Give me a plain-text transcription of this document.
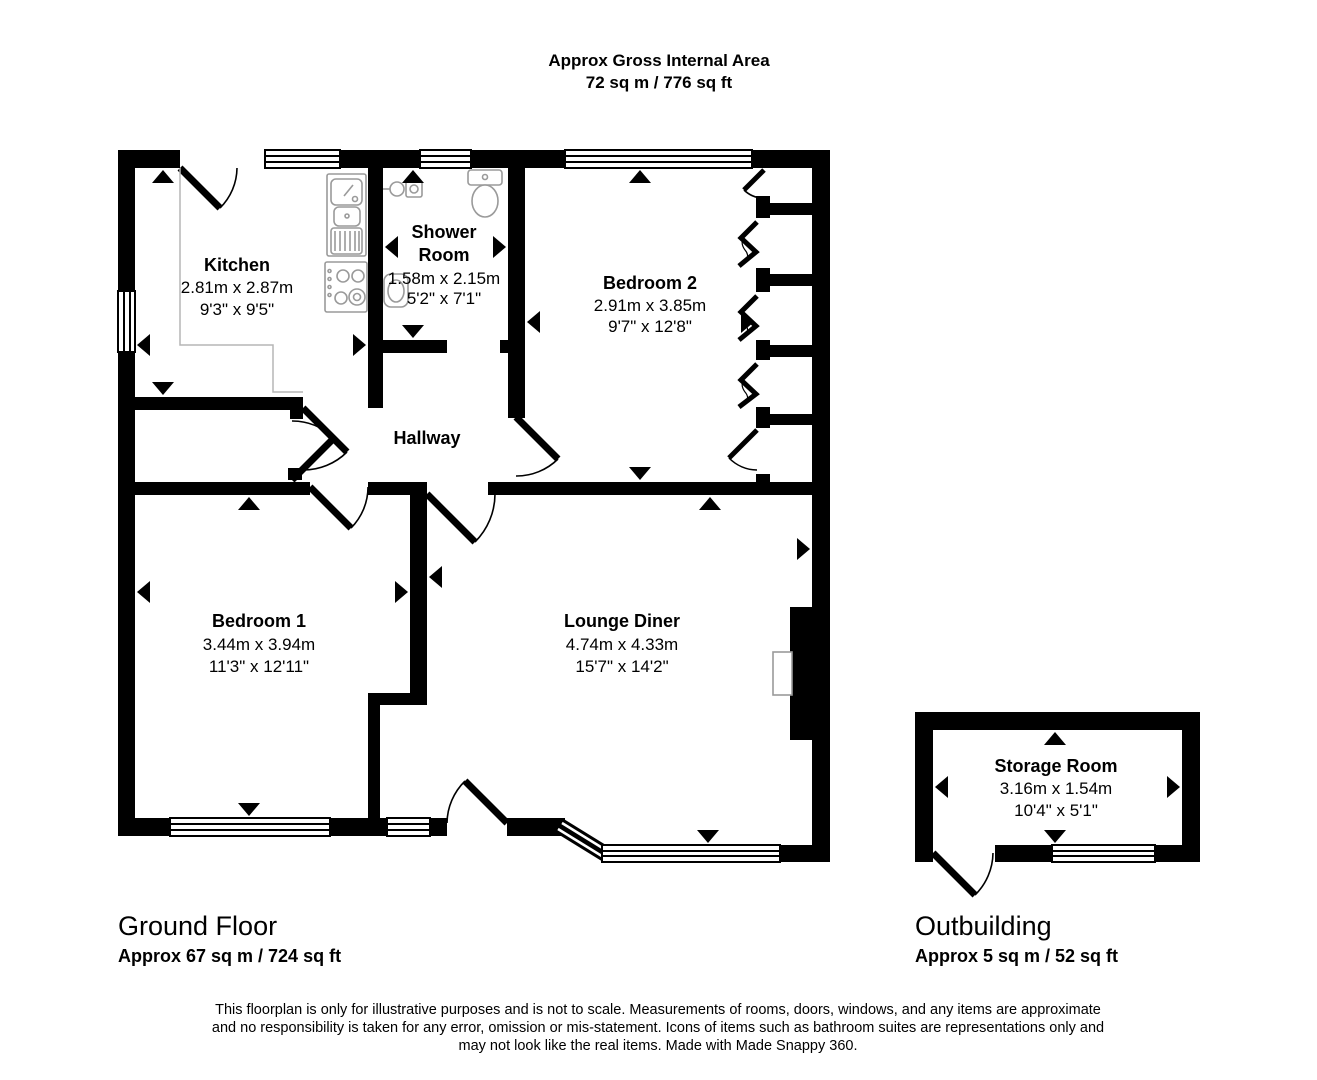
Approx Gross Internal Area
72 sq m / 776 sq ft
Kitchen
2.81m x 2.87m
9'3" x 9'5"
Shower
Room
1.58m x 2.15m
5'2" x 7'1"
Bedroom 2
2.91m x 3.85m
9'7" x 12'8"
Hallway
Bedroom 1
3.44m x 3.94m
11'3" x 12'11"
Lounge Diner
4.74m x 4.33m
15'7" x 14'2"
Storage Room
3.16m x 1.54m
10'4" x 5'1"
Ground Floor
Approx 67 sq m / 724 sq ft
Outbuilding
Approx 5 sq m / 52 sq ft
This floorplan is only for illustrative purposes and is not to scale. Measurements of rooms, doors, windows, and any items are approximate
and no responsibility is taken for any error, omission or mis-statement. Icons of items such as bathroom suites are representations only and
may not look like the real items. Made with Made Snappy 360.
